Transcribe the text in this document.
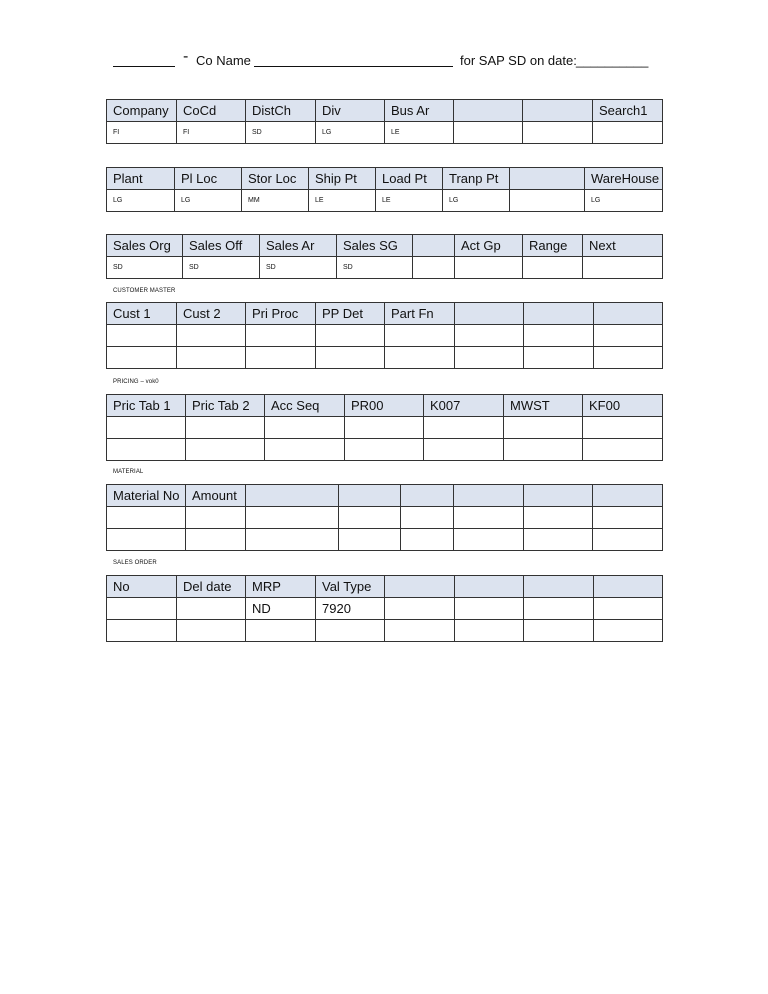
- Co Name	for SAP SD on date: __________
Company	CoCd	DistCh	Div	Bus Ar			Search1
FI	FI	SD	LG	LE			
Plant	Pl Loc	Stor Loc	Ship Pt	Load Pt	Tranp Pt		WareHouse
LG	LG	MM	LE	LE	LG		LG
Sales Org	Sales Off	Sales Ar	Sales SG		Act Gp	Range	Next
SD	SD	SD	SD				
CUSTOMER MASTER
Cust 1	Cust 2	Pri Proc	PP Det	Part Fn			

PRICING – vok0
Pric Tab 1	Pric Tab 2	Acc Seq	PR00	K007	MWST	KF00

MATERIAL
Material No	Amount						

SALES ORDER
No	Del date	MRP	Val Type				
		ND	7920				
